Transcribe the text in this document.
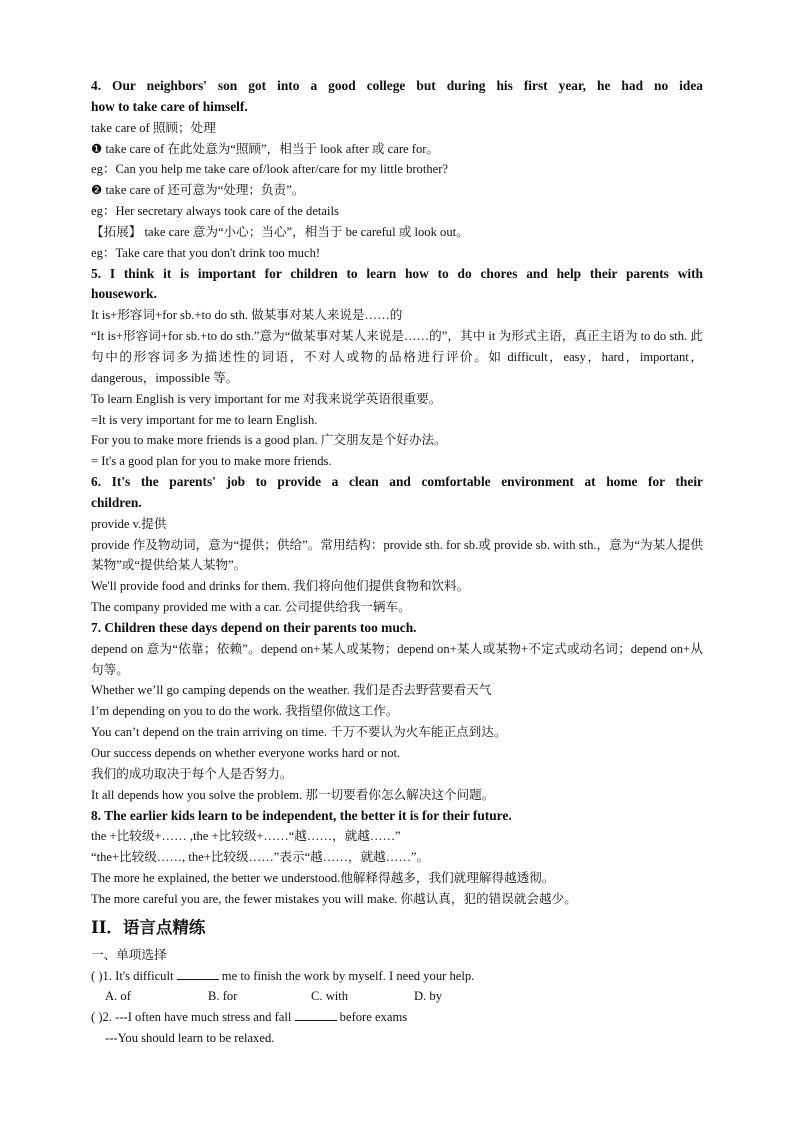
4. Our neighbors' son got into a good college but during his first year, he had no idea
how to take care of himself.
take care of 照顾；处理
❶ take care of 在此处意为“照顾”，相当于 look after 或 care for。
eg：Can you help me take care of/look after/care for my little brother?
❷ take care of 还可意为“处理；负责”。
eg：Her secretary always took care of the details
【拓展】 take care 意为“小心；当心”，相当于 be careful 或 look out。
eg：Take care that you don't drink too much!
5. I think it is important for children to learn how to do chores and help their parents with
housework.
It is+形容词+for sb.+to do sth. 做某事对某人来说是……的
“It is+形容词+for sb.+to do sth.”意为“做某事对某人来说是……的”，其中 it 为形式主语，真正主语为 to do sth. 此句中的形容词多为描述性的词语，不对人或物的品格进行评价。如 difficult，easy，hard，important，dangerous，impossible 等。
To learn English is very important for me 对我来说学英语很重要。
=It is very important for me to learn English.
For you to make more friends is a good plan. 广交朋友是个好办法。
= It's a good plan for you to make more friends.
6. It's the parents' job to provide a clean and comfortable environment at home for their
children.
provide v.提供
provide 作及物动词，意为“提供；供给”。常用结构：provide sth. for sb.或 provide sb. with sth.，意为“为某人提供某物”或“提供给某人某物”。
We'll provide food and drinks for them. 我们将向他们提供食物和饮料。
The company provided me with a car. 公司提供给我一辆车。
7. Children these days depend on their parents too much.
depend on 意为“依靠；依赖”。depend on+某人或某物；depend on+某人或某物+不定式或动名词；depend on+从句等。
Whether we’ll go camping depends on the weather. 我们是否去野营要看天气
I’m depending on you to do the work. 我指望你做这工作。
You can’t depend on the train arriving on time. 千万不要认为火车能正点到达。
Our success depends on whether everyone works hard or not.
我们的成功取决于每个人是否努力。
It all depends how you solve the problem. 那一切要看你怎么解决这个问题。
8. The earlier kids learn to be independent, the better it is for their future.
the +比较级+…… ,the +比较级+……“越……，就越……”
“the+比较级……, the+比较级……”表示“越……，就越……”。
The more he explained, the better we understood.他解释得越多，我们就理解得越透彻。
The more careful you are, the fewer mistakes you will make. 你越认真，犯的错误就会越少。
II．语言点精练
一、单项选择
( )1. It's difficult	me to finish the work by myself. I need your help.
A. of	B. for	C. with	D. by
( )2. ---I often have much stress and fall	before exams
---You should learn to be relaxed.
